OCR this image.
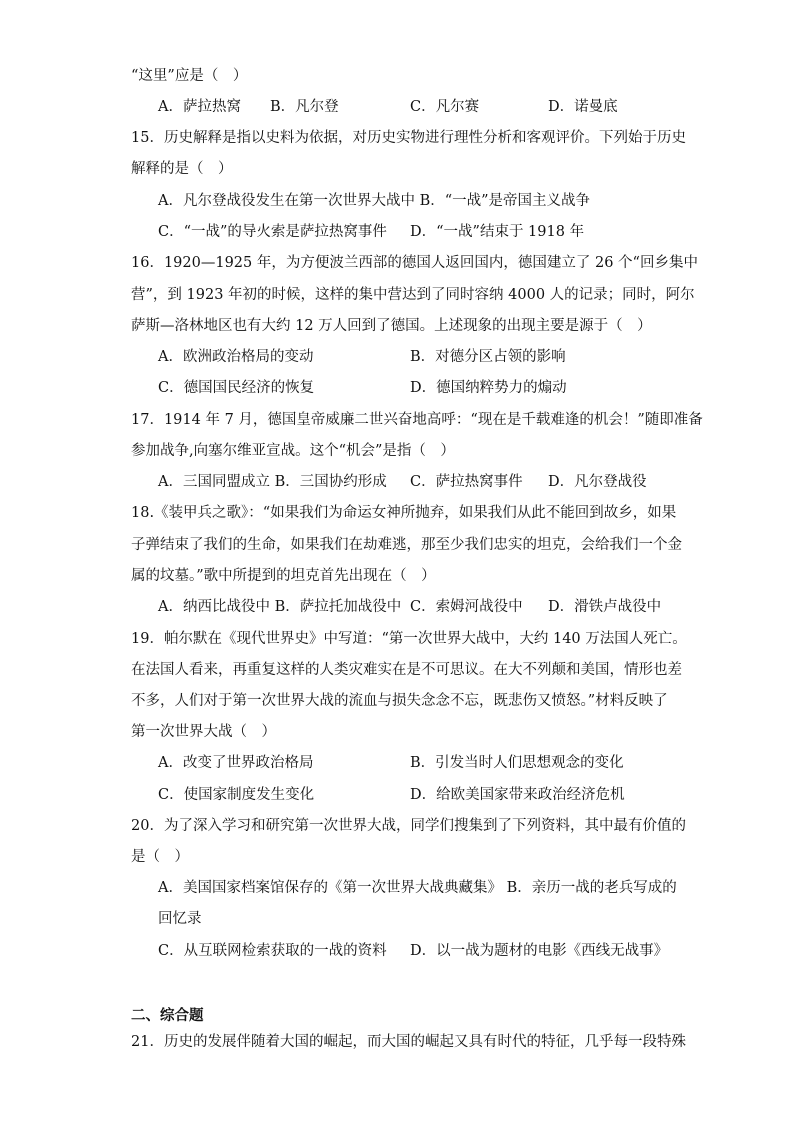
“这里”应是（　）
A．萨拉热窝 B．凡尔登	C．凡尔赛	D．诺曼底
15．历史解释是指以史料为依据，对历史实物进行理性分析和客观评价。下列始于历史
解释的是（　）
A．凡尔登战役发生在第一次世界大战中 B．“一战”是帝国主义战争
C．“一战”的导火索是萨拉热窝事件 D．“一战”结束于 1918 年
16．1920—1925 年，为方便波兰西部的德国人返回国内，德国建立了 26 个“回乡集中
营”，到 1923 年初的时候，这样的集中营达到了同时容纳 4000 人的记录；同时，阿尔
萨斯—洛林地区也有大约 12 万人回到了德国。上述现象的出现主要是源于（　）
A．欧洲政治格局的变动	B．对德分区占领的影响
C．德国国民经济的恢复	D．德国纳粹势力的煽动
17．1914 年 7 月，德国皇帝威廉二世兴奋地高呼：“现在是千载难逢的机会！”随即准备
参加战争,向塞尔维亚宣战。这个“机会”是指（　）
A．三国同盟成立 B．三国协约形成 C．萨拉热窝事件 D．凡尔登战役
18.《装甲兵之歌》：“如果我们为命运女神所抛弃，如果我们从此不能回到故乡，如果
子弹结束了我们的生命，如果我们在劫难逃，那至少我们忠实的坦克，会给我们一个金
属的坟墓。”歌中所提到的坦克首先出现在（　）
A．纳西比战役中 B．萨拉托加战役中 C．索姆河战役中 D．滑铁卢战役中
19．帕尔默在《现代世界史》中写道：“第一次世界大战中，大约 140 万法国人死亡。
在法国人看来，再重复这样的人类灾难实在是不可思议。在大不列颠和美国，情形也差
不多，人们对于第一次世界大战的流血与损失念念不忘，既悲伤又愤怒。”材料反映了
第一次世界大战（　）
A．改变了世界政治格局	B．引发当时人们思想观念的变化
C．使国家制度发生变化	D．给欧美国家带来政治经济危机
20．为了深入学习和研究第一次世界大战，同学们搜集到了下列资料，其中最有价值的
是（　）
A．美国国家档案馆保存的《第一次世界大战典藏集》 B．亲历一战的老兵写成的
回忆录
C．从互联网检索获取的一战的资料 D．以一战为题材的电影《西线无战事》
二、综合题
21．历史的发展伴随着大国的崛起，而大国的崛起又具有时代的特征，几乎每一段特殊
